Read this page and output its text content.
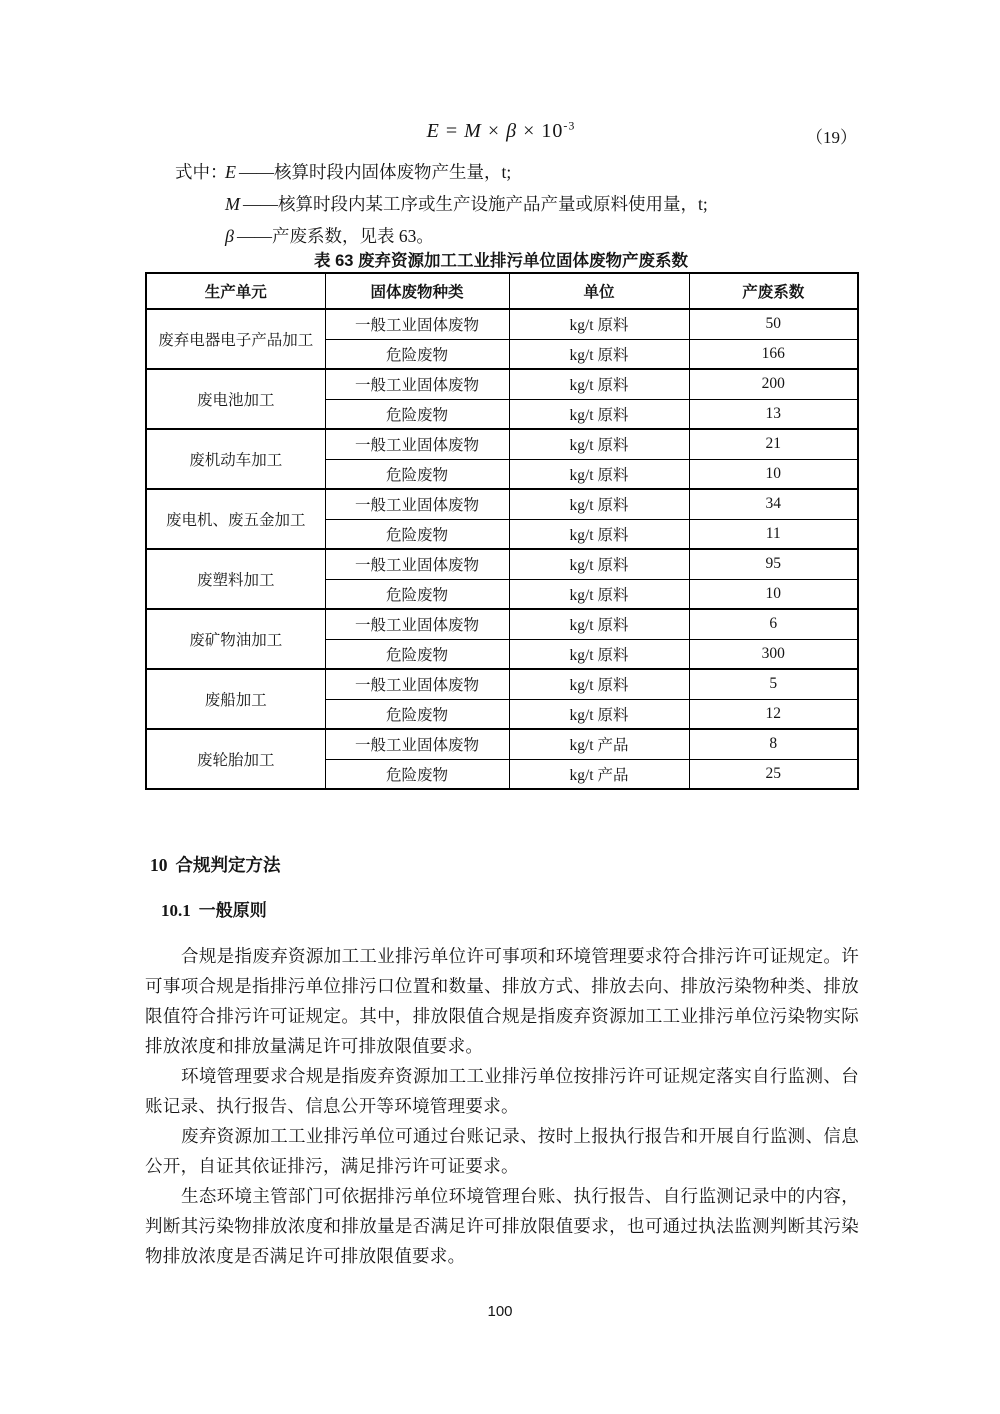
$E = M \times \beta \times 10^{-3}$
（19）
式中：
E —— 核算时段内固体废物产生量，t;
M —— 核算时段内某工序或生产设施产品产量或原料使用量，t;
β —— 产废系数，见表 63。
表 63 废弃资源加工工业排污单位固体废物产废系数
生产单元	固体废物种类	单位	产废系数
废弃电器电子产品加工	一般工业固体废物	kg/t 原料	50
	危险废物	kg/t 原料	166
废电池加工	一般工业固体废物	kg/t 原料	200
	危险废物	kg/t 原料	13
废机动车加工	一般工业固体废物	kg/t 原料	21
	危险废物	kg/t 原料	10
废电机、废五金加工	一般工业固体废物	kg/t 原料	34
	危险废物	kg/t 原料	11
废塑料加工	一般工业固体废物	kg/t 原料	95
	危险废物	kg/t 原料	10
废矿物油加工	一般工业固体废物	kg/t 原料	6
	危险废物	kg/t 原料	300
废船加工	一般工业固体废物	kg/t 原料	5
	危险废物	kg/t 原料	12
废轮胎加工	一般工业固体废物	kg/t 产品	8
	危险废物	kg/t 产品	25
10 合规判定方法
10.1 一般原则

合规是指废弃资源加工工业排污单位许可事项和环境管理要求符合排污许可证规定。许可事项合规是指排污单位排污口位置和数量、排放方式、排放去向、排放污染物种类、排放限值符合排污许可证规定。其中，排放限值合规是指废弃资源加工工业排污单位污染物实际排放浓度和排放量满足许可排放限值要求。

环境管理要求合规是指废弃资源加工工业排污单位按排污许可证规定落实自行监测、台账记录、执行报告、信息公开等环境管理要求。

废弃资源加工工业排污单位可通过台账记录、按时上报执行报告和开展自行监测、信息公开，自证其依证排污，满足排污许可证要求。

生态环境主管部门可依据排污单位环境管理台账、执行报告、自行监测记录中的内容，判断其污染物排放浓度和排放量是否满足许可排放限值要求，也可通过执法监测判断其污染物排放浓度是否满足许可排放限值要求。

100
